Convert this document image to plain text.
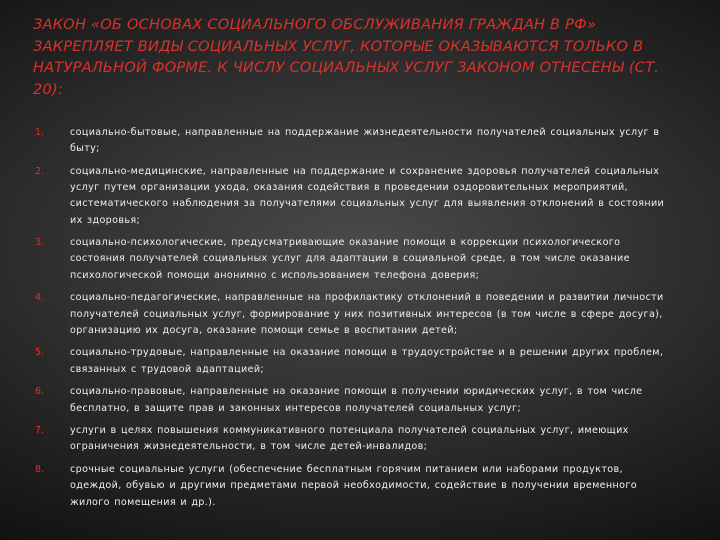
ЗАКОН «ОБ ОСНОВАХ СОЦИАЛЬНОГО ОБСЛУЖИВАНИЯ ГРАЖДАН В РФ» ЗАКРЕПЛЯЕТ ВИДЫ СОЦИАЛЬНЫХ УСЛУГ, КОТОРЫЕ ОКАЗЫВАЮТСЯ ТОЛЬКО В НАТУРАЛЬНОЙ ФОРМЕ. К ЧИСЛУ СОЦИАЛЬНЫХ УСЛУГ ЗАКОНОМ ОТНЕСЕНЫ (СТ. 20):
1.	социально-бытовые, направленные на поддержание жизнедеятельности получателей социальных услуг в быту;
2.	социально-медицинские, направленные на поддержание и сохранение здоровья получателей социальных услуг путем организации ухода, оказания содействия в проведении оздоровительных мероприятий, систематического наблюдения за получателями социальных услуг для выявления отклонений в состоянии их здоровья;
3.	социально-психологические, предусматривающие оказание помощи в коррекции психологического состояния получателей социальных услуг для адаптации в социальной среде, в том числе оказание психологической помощи анонимно с использованием телефона доверия;
4.	социально-педагогические, направленные на профилактику отклонений в поведении и развитии личности получателей социальных услуг, формирование у них позитивных интересов (в том числе в сфере досуга), организацию их досуга, оказание помощи семье в воспитании детей;
5.	социально-трудовые, направленные на оказание помощи в трудоустройстве и в решении других проблем, связанных с трудовой адаптацией;
6.	социально-правовые, направленные на оказание помощи в получении юридических услуг, в том числе бесплатно, в защите прав и законных интересов получателей социальных услуг;
7.	услуги в целях повышения коммуникативного потенциала получателей социальных услуг, имеющих ограничения жизнедеятельности, в том числе детей-инвалидов;
8.	срочные социальные услуги (обеспечение бесплатным горячим питанием или наборами продуктов, одеждой, обувью и другими предметами первой необходимости, содействие в получении временного жилого помещения и др.).
